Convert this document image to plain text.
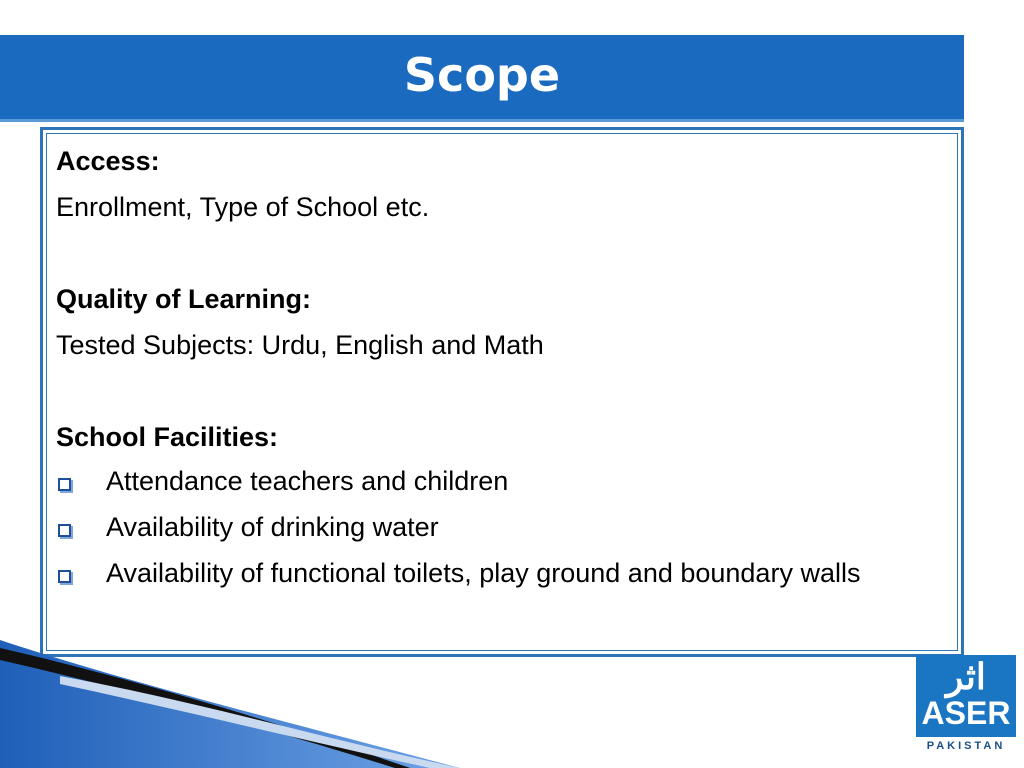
Scope
Access:
Enrollment, Type of School etc.
Quality of Learning:
Tested Subjects: Urdu, English and Math
School Facilities:
Attendance teachers and children
Availability of drinking water
Availability of functional toilets, play ground and boundary walls
اثر
ASER
PAKISTAN
